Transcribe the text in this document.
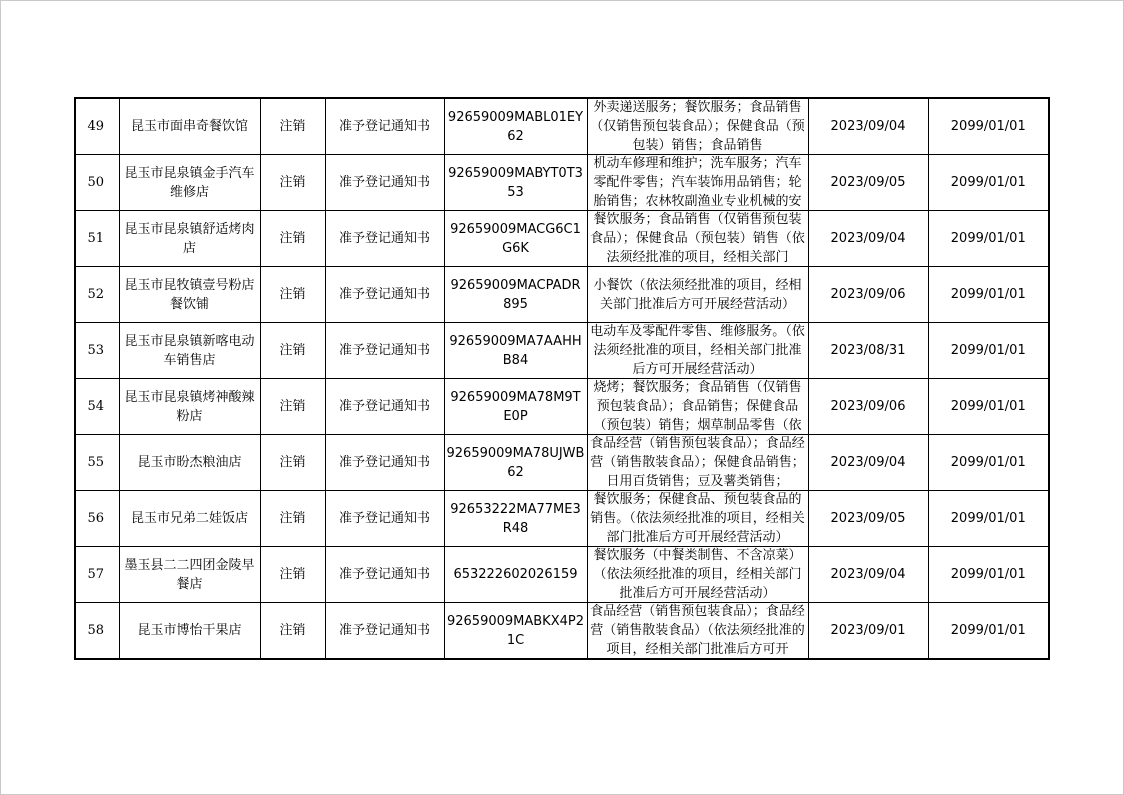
49	昆玉市面串奇餐饮馆	注销	准予登记通知书	92659009MABL01EY62	外卖递送服务；餐饮服务；食品销售（仅销售预包装食品）；保健食品（预包装）销售；食品销售	2023/09/04	2099/01/01
50	昆玉市昆泉镇金手汽车维修店	注销	准予登记通知书	92659009MABYT0T353	机动车修理和维护；洗车服务；汽车零配件零售；汽车装饰用品销售；轮胎销售；农林牧副渔业专业机械的安	2023/09/05	2099/01/01
51	昆玉市昆泉镇舒适烤肉店	注销	准予登记通知书	92659009MACG6C1G6K	餐饮服务；食品销售（仅销售预包装食品）；保健食品（预包装）销售（依法须经批准的项目，经相关部门	2023/09/04	2099/01/01
52	昆玉市昆牧镇壹号粉店餐饮铺	注销	准予登记通知书	92659009MACPADR895	小餐饮（依法须经批准的项目，经相关部门批准后方可开展经营活动）	2023/09/06	2099/01/01
53	昆玉市昆泉镇新喀电动车销售店	注销	准予登记通知书	92659009MA7AAHHB84	电动车及零配件零售、维修服务。（依法须经批准的项目，经相关部门批准后方可开展经营活动）	2023/08/31	2099/01/01
54	昆玉市昆泉镇烤神酸辣粉店	注销	准予登记通知书	92659009MA78M9TE0P	烧烤；餐饮服务；食品销售（仅销售预包装食品）；食品销售；保健食品（预包装）销售；烟草制品零售（依	2023/09/06	2099/01/01
55	昆玉市盼杰粮油店	注销	准予登记通知书	92659009MA78UJWB62	食品经营（销售预包装食品）；食品经营（销售散装食品）；保健食品销售；日用百货销售；豆及薯类销售；	2023/09/04	2099/01/01
56	昆玉市兄弟二娃饭店	注销	准予登记通知书	92653222MA77ME3R48	餐饮服务；保健食品、预包装食品的销售。（依法须经批准的项目，经相关部门批准后方可开展经营活动）	2023/09/05	2099/01/01
57	墨玉县二二四团金陵早餐店	注销	准予登记通知书	653222602026159	餐饮服务（中餐类制售、不含凉菜）（依法须经批准的项目，经相关部门批准后方可开展经营活动）	2023/09/04	2099/01/01
58	昆玉市博怡干果店	注销	准予登记通知书	92659009MABKX4P21C	食品经营（销售预包装食品）；食品经营（销售散装食品）（依法须经批准的项目，经相关部门批准后方可开	2023/09/01	2099/01/01
